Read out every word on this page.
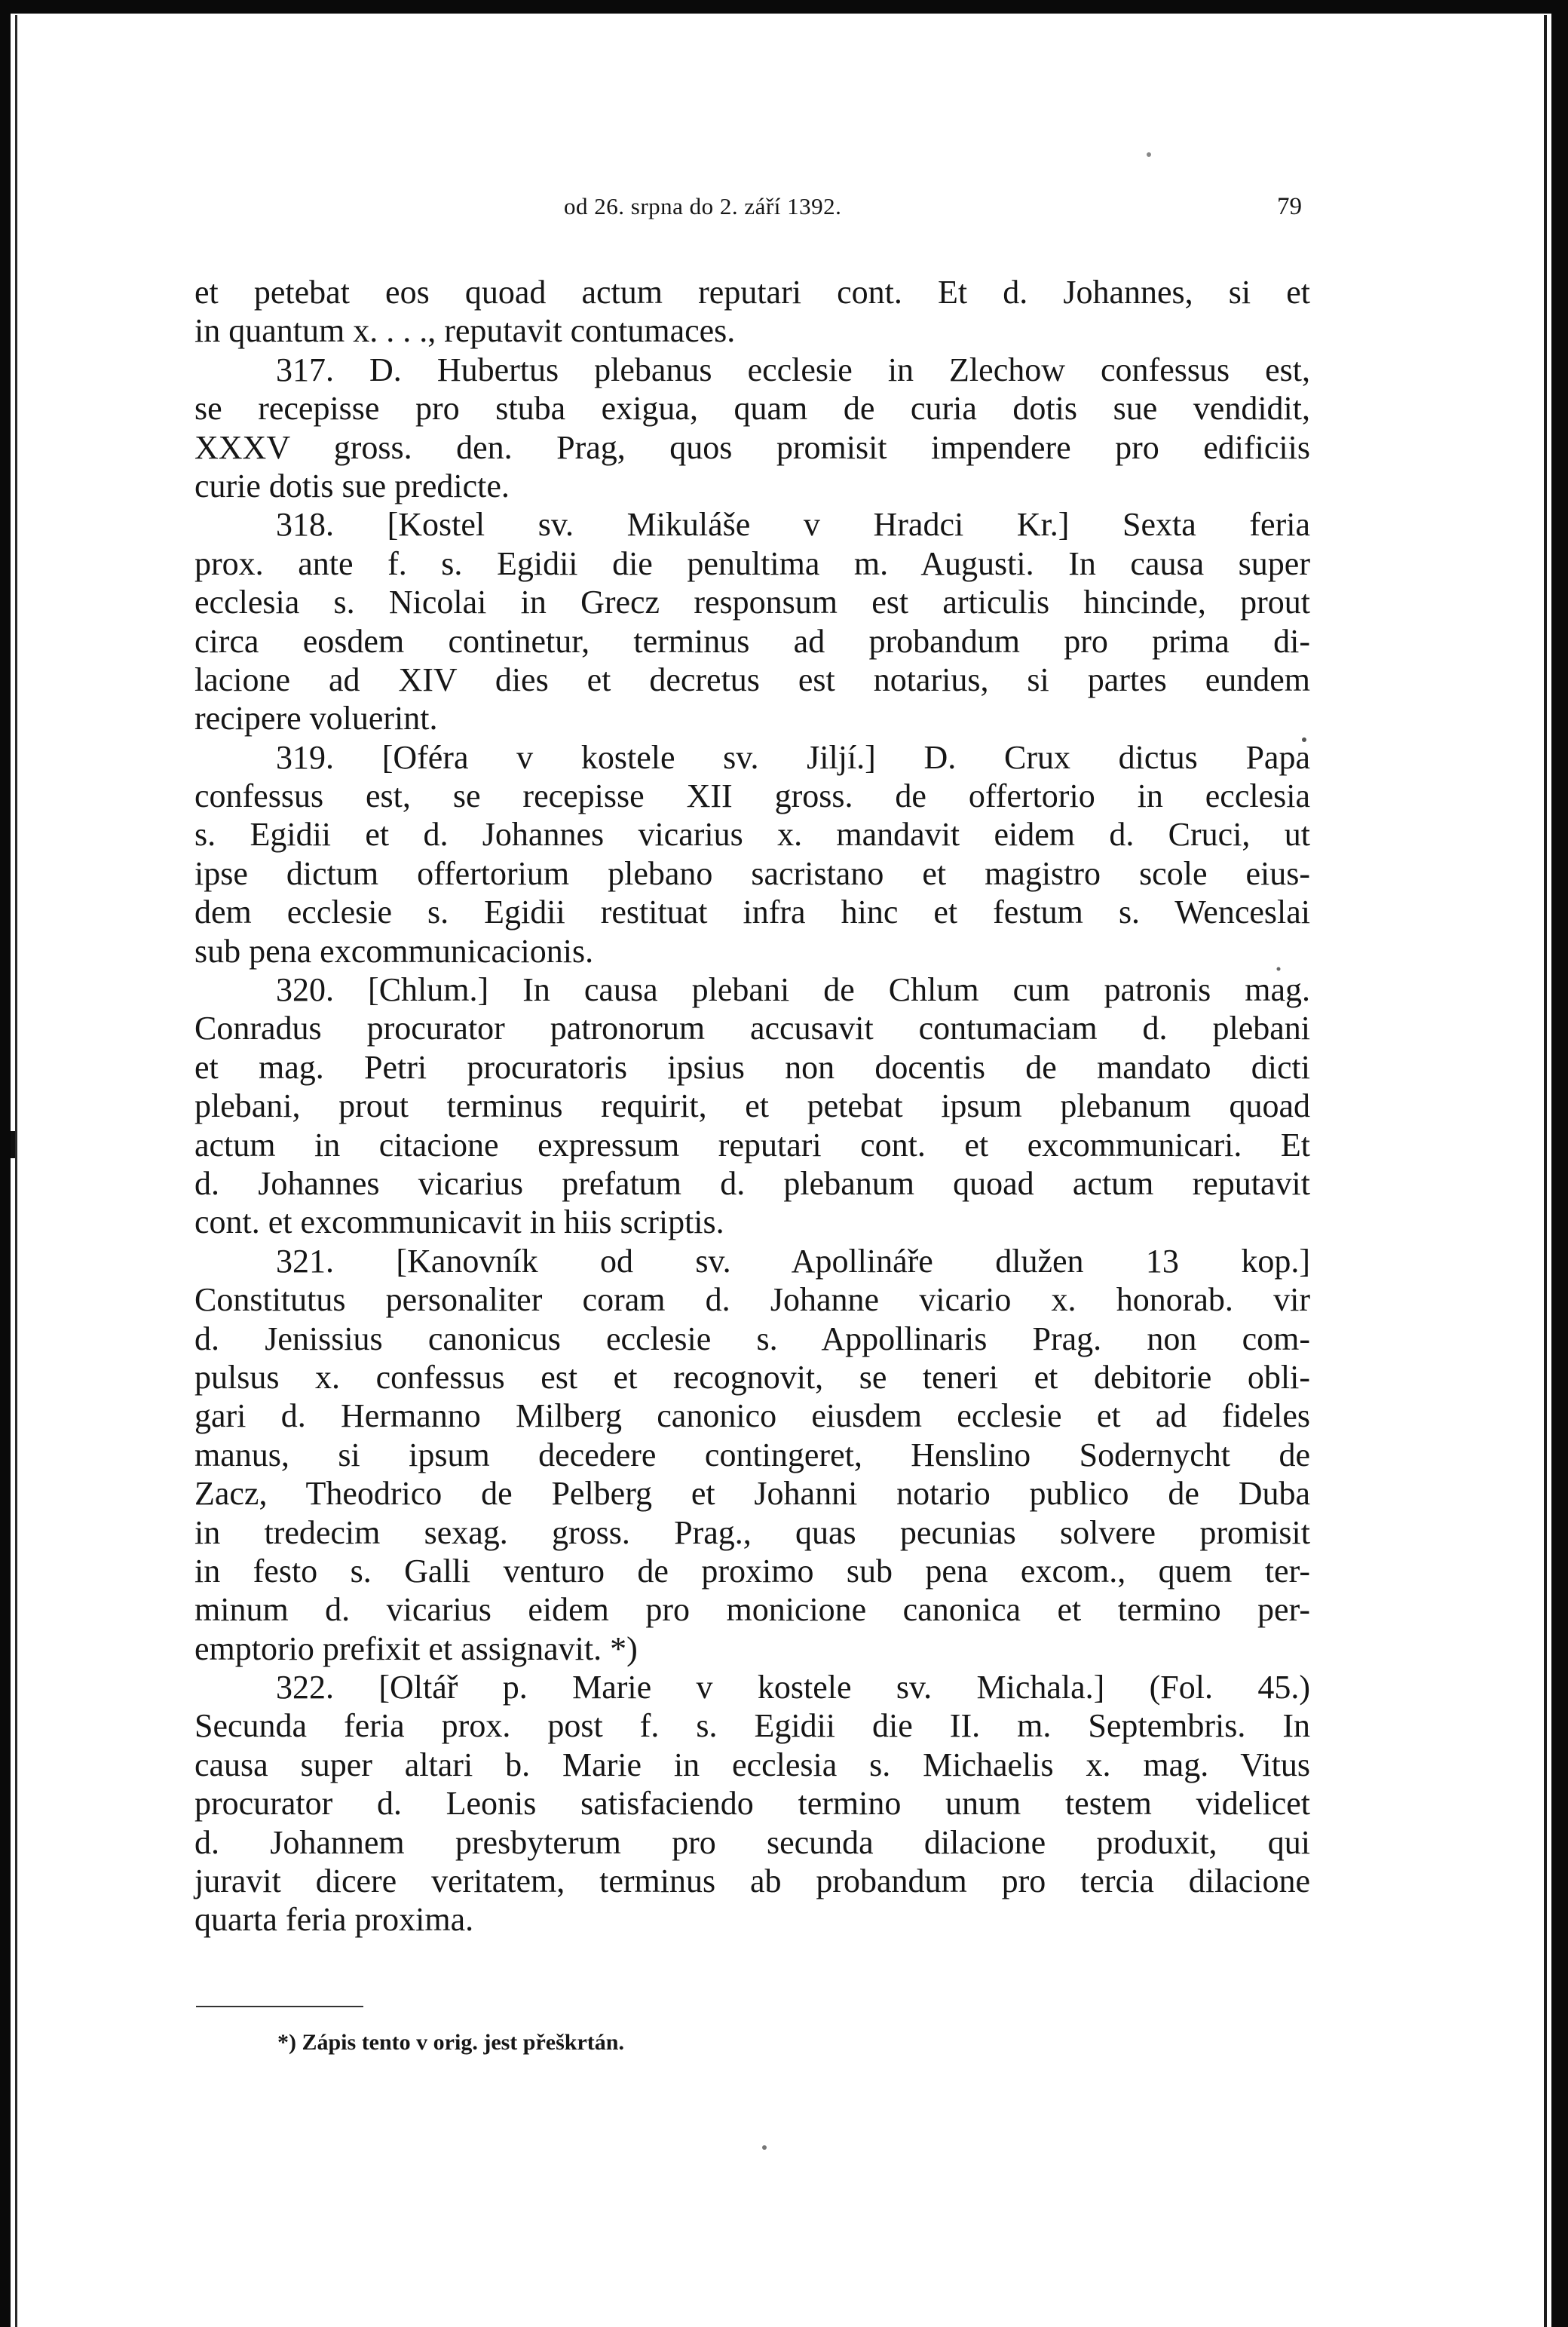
od 26. srpna do 2. září 1392.	79
et petebat eos quoad actum reputari cont. Et d. Johannes, si et
in quantum x. . . ., reputavit contumaces.
317. D. Hubertus plebanus ecclesie in Zlechow confessus est,
se recepisse pro stuba exigua, quam de curia dotis sue vendidit,
XXXV gross. den. Prag, quos promisit impendere pro edificiis
curie dotis sue predicte.
318. [Kostel sv. Mikuláše v Hradci Kr.] Sexta feria
prox. ante f. s. Egidii die penultima m. Augusti. In causa super
ecclesia s. Nicolai in Grecz responsum est articulis hincinde, prout
circa eosdem continetur, terminus ad probandum pro prima di-
lacione ad XIV dies et decretus est notarius, si partes eundem
recipere voluerint.
319. [Oféra v kostele sv. Jiljí.] D. Crux dictus Papa
confessus est, se recepisse XII gross. de offertorio in ecclesia
s. Egidii et d. Johannes vicarius x. mandavit eidem d. Cruci, ut
ipse dictum offertorium plebano sacristano et magistro scole eius-
dem ecclesie s. Egidii restituat infra hinc et festum s. Wenceslai
sub pena excommunicacionis.
320. [Chlum.] In causa plebani de Chlum cum patronis mag.
Conradus procurator patronorum accusavit contumaciam d. plebani
et mag. Petri procuratoris ipsius non docentis de mandato dicti
plebani, prout terminus requirit, et petebat ipsum plebanum quoad
actum in citacione expressum reputari cont. et excommunicari. Et
d. Johannes vicarius prefatum d. plebanum quoad actum reputavit
cont. et excommunicavit in hiis scriptis.
321. [Kanovník od sv. Apollináře dlužen 13 kop.]
Constitutus personaliter coram d. Johanne vicario x. honorab. vir
d. Jenissius canonicus ecclesie s. Appollinaris Prag. non com-
pulsus x. confessus est et recognovit, se teneri et debitorie obli-
gari d. Hermanno Milberg canonico eiusdem ecclesie et ad fideles
manus, si ipsum decedere contingeret, Henslino Sodernycht de
Zacz, Theodrico de Pelberg et Johanni notario publico de Duba
in tredecim sexag. gross. Prag., quas pecunias solvere promisit
in festo s. Galli venturo de proximo sub pena excom., quem ter-
minum d. vicarius eidem pro monicione canonica et termino per-
emptorio prefixit et assignavit. *)
322. [Oltář p. Marie v kostele sv. Michala.] (Fol. 45.)
Secunda feria prox. post f. s. Egidii die II. m. Septembris. In
causa super altari b. Marie in ecclesia s. Michaelis x. mag. Vitus
procurator d. Leonis satisfaciendo termino unum testem videlicet
d. Johannem presbyterum pro secunda dilacione produxit, qui
juravit dicere veritatem, terminus ab probandum pro tercia dilacione
quarta feria proxima.
*) Zápis tento v orig. jest přeškrtán.
